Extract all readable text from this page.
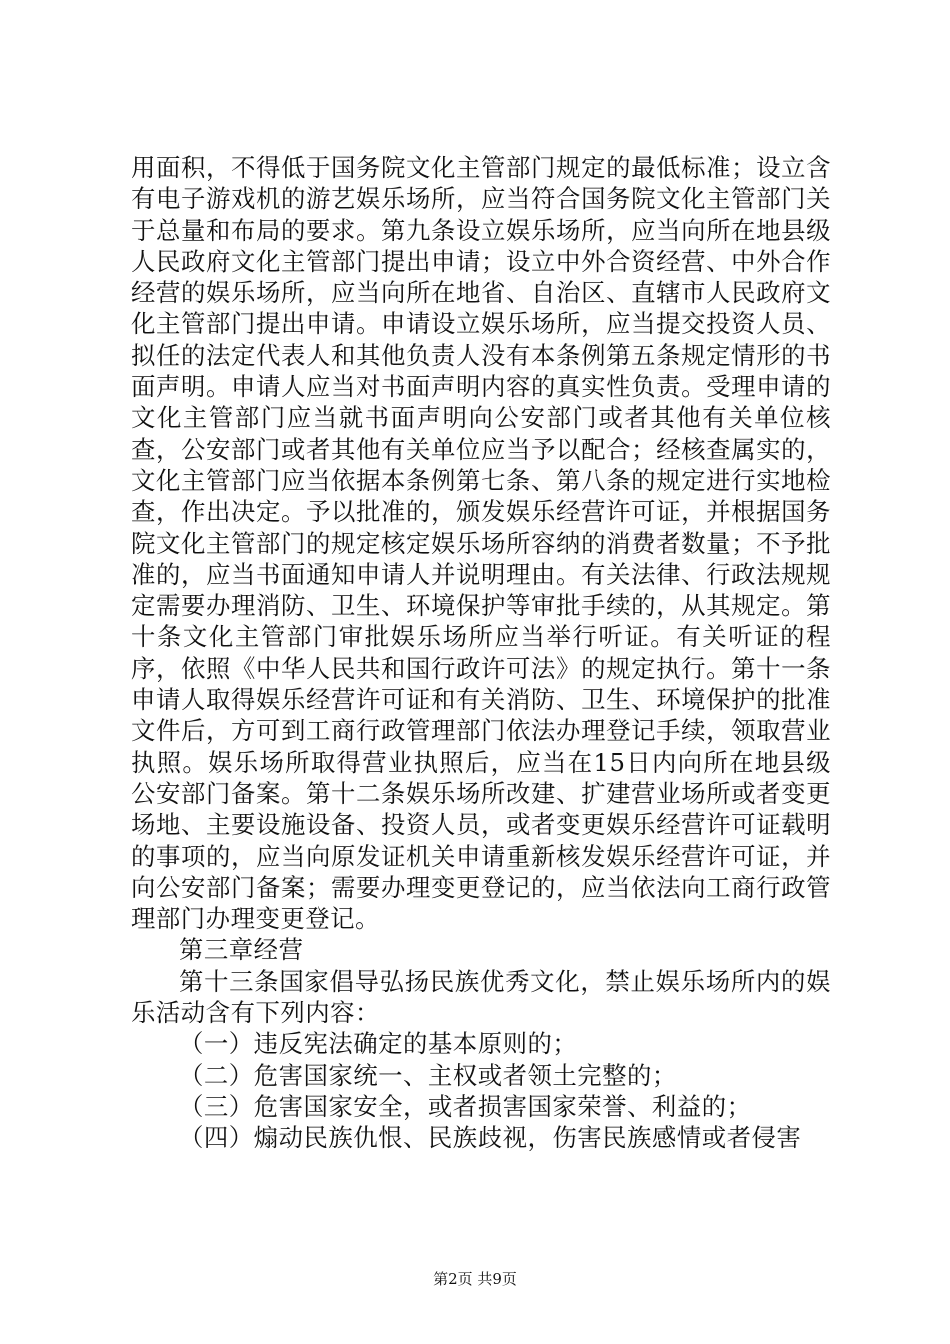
用面积，不得低于国务院文化主管部门规定的最低标准；设立含有电子游戏机的游艺娱乐场所，应当符合国务院文化主管部门关于总量和布局的要求。第九条设立娱乐场所，应当向所在地县级人民政府文化主管部门提出申请；设立中外合资经营、中外合作经营的娱乐场所，应当向所在地省、自治区、直辖市人民政府文化主管部门提出申请。申请设立娱乐场所，应当提交投资人员、拟任的法定代表人和其他负责人没有本条例第五条规定情形的书面声明。申请人应当对书面声明内容的真实性负责。受理申请的文化主管部门应当就书面声明向公安部门或者其他有关单位核查，公安部门或者其他有关单位应当予以配合；经核查属实的，文化主管部门应当依据本条例第七条、第八条的规定进行实地检查，作出决定。予以批准的，颁发娱乐经营许可证，并根据国务院文化主管部门的规定核定娱乐场所容纳的消费者数量；不予批准的，应当书面通知申请人并说明理由。有关法律、行政法规规定需要办理消防、卫生、环境保护等审批手续的，从其规定。第十条文化主管部门审批娱乐场所应当举行听证。有关听证的程序，依照《中华人民共和国行政许可法》的规定执行。第十一条申请人取得娱乐经营许可证和有关消防、卫生、环境保护的批准文件后，方可到工商行政管理部门依法办理登记手续，领取营业执照。娱乐场所取得营业执照后，应当在15日内向所在地县级公安部门备案。第十二条娱乐场所改建、扩建营业场所或者变更场地、主要设施设备、投资人员，或者变更娱乐经营许可证载明的事项的，应当向原发证机关申请重新核发娱乐经营许可证，并向公安部门备案；需要办理变更登记的，应当依法向工商行政管理部门办理变更登记。

第三章经营

第十三条国家倡导弘扬民族优秀文化，禁止娱乐场所内的娱乐活动含有下列内容：

（一）违反宪法确定的基本原则的；

（二）危害国家统一、主权或者领土完整的；

（三）危害国家安全，或者损害国家荣誉、利益的；

（四）煽动民族仇恨、民族歧视，伤害民族感情或者侵害

第2页 共9页
